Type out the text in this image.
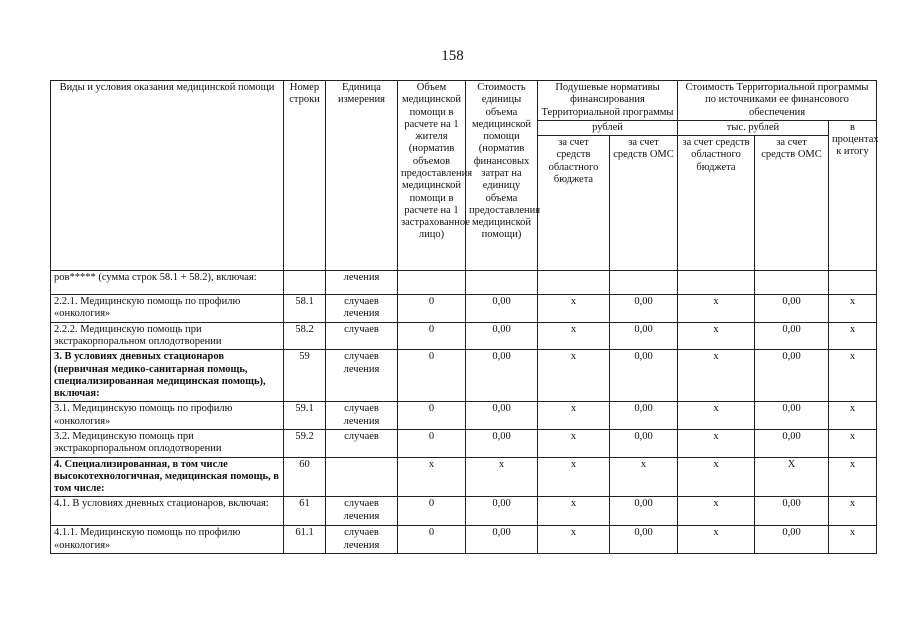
158
Виды и условия оказания медицинской помощи	Номер строки	Единица измерения	Объем медицинской помощи в расчете на 1 жителя (норматив объемов предоставления медицинской помощи в расчете на 1 застрахованное лицо)	Стоимость единицы объема медицинской помощи (норматив финансовых затрат на единицу объема предоставления медицинской помощи)	Подушевые нормативы финансирования Территориальной программы		Стоимость Территориальной программы по источниками ее финансового обеспечения		
					рублей		тыс. рублей		в процентах к итогу
					за счет средств областного бюджета	за счет средств ОМС	за счет средств областного бюджета	за счет средств ОМС	
ров***** (сумма строк 58.1 + 58.2), включая:		лечения							
2.2.1. Медицинскую помощь по профилю «онкология»	58.1	случаев лечения	0	0,00	х	0,00	х	0,00	х
2.2.2. Медицинскую помощь при экстракорпоральном оплодотворении	58.2	случаев	0	0,00	х	0,00	х	0,00	х
3. В условиях дневных стационаров (первичная медико-санитарная помощь, специализированная медицинская помощь), включая:	59	случаев лечения	0	0,00	х	0,00	х	0,00	х
3.1. Медицинскую помощь по профилю «онкология»	59.1	случаев лечения	0	0,00	х	0,00	х	0,00	х
3.2. Медицинскую помощь при экстракорпоральном оплодотворении	59.2	случаев	0	0,00	х	0,00	х	0,00	х
4. Специализированная, в том числе высокотехнологичная, медицинская помощь, в том числе:	60		х	х	х	х	х	Х	х
4.1. В условиях дневных стационаров, включая:	61	случаев лечения	0	0,00	х	0,00	х	0,00	х
4.1.1. Медицинскую помощь по профилю «онкология»	61.1	случаев лечения	0	0,00	х	0,00	х	0,00	х
